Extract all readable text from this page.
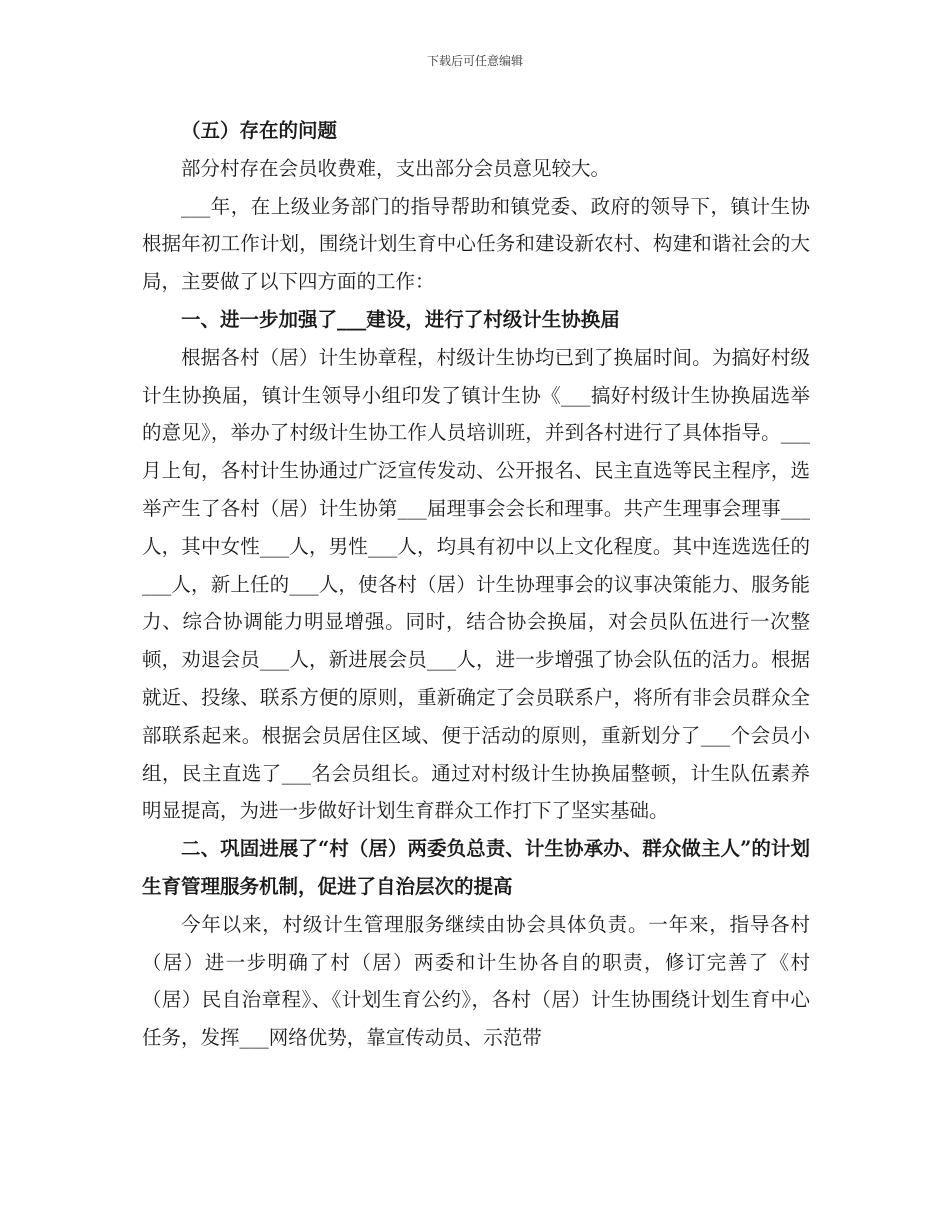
下载后可任意编辑
（五）存在的问题

部分村存在会员收费难，支出部分会员意见较大。

___年，在上级业务部门的指导帮助和镇党委、政府的领导下，镇计生协根据年初工作计划，围绕计划生育中心任务和建设新农村、构建和谐社会的大局，主要做了以下四方面的工作：

一、进一步加强了___建设，进行了村级计生协换届

根据各村（居）计生协章程，村级计生协均已到了换届时间。为搞好村级计生协换届，镇计生领导小组印发了镇计生协《___搞好村级计生协换届选举的意见》，举办了村级计生协工作人员培训班，并到各村进行了具体指导。___月上旬，各村计生协通过广泛宣传发动、公开报名、民主直选等民主程序，选举产生了各村（居）计生协第___届理事会会长和理事。共产生理事会理事___人，其中女性___人，男性___人，均具有初中以上文化程度。其中连选选任的___人，新上任的___人，使各村（居）计生协理事会的议事决策能力、服务能力、综合协调能力明显增强。同时，结合协会换届，对会员队伍进行一次整顿，劝退会员___人，新进展会员___人，进一步增强了协会队伍的活力。根据就近、投缘、联系方便的原则，重新确定了会员联系户，将所有非会员群众全部联系起来。根据会员居住区域、便于活动的原则，重新划分了___个会员小组，民主直选了___名会员组长。通过对村级计生协换届整顿，计生队伍素养明显提高，为进一步做好计划生育群众工作打下了坚实基础。

二、巩固进展了“村（居）两委负总责、计生协承办、群众做主人”的计划生育管理服务机制，促进了自治层次的提高

今年以来，村级计生管理服务继续由协会具体负责。一年来，指导各村（居）进一步明确了村（居）两委和计生协各自的职责，修订完善了《村（居）民自治章程》、《计划生育公约》，各村（居）计生协围绕计划生育中心任务，发挥___网络优势，靠宣传动员、示范带
